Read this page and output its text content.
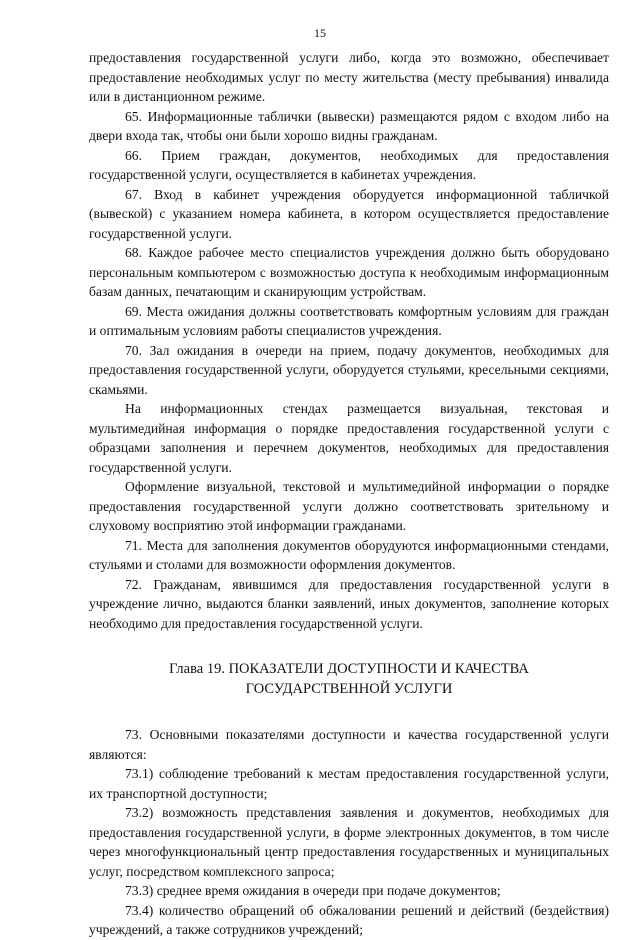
15

предоставления государственной услуги либо, когда это возможно, обеспечивает предоставление необходимых услуг по месту жительства (месту пребывания) инвалида или в дистанционном режиме.

65. Информационные таблички (вывески) размещаются рядом с входом либо на двери входа так, чтобы они были хорошо видны гражданам.

66. Прием граждан, документов, необходимых для предоставления государственной услуги, осуществляется в кабинетах учреждения.

67. Вход в кабинет учреждения оборудуется информационной табличкой (вывеской) с указанием номера кабинета, в котором осуществляется предоставление государственной услуги.

68. Каждое рабочее место специалистов учреждения должно быть оборудовано персональным компьютером с возможностью доступа к необходимым информационным базам данных, печатающим и сканирующим устройствам.

69. Места ожидания должны соответствовать комфортным условиям для граждан и оптимальным условиям работы специалистов учреждения.

70. Зал ожидания в очереди на прием, подачу документов, необходимых для предоставления государственной услуги, оборудуется стульями, кресельными секциями, скамьями.

На информационных стендах размещается визуальная, текстовая и мультимедийная информация о порядке предоставления государственной услуги с образцами заполнения и перечнем документов, необходимых для предоставления государственной услуги.

Оформление визуальной, текстовой и мультимедийной информации о порядке предоставления государственной услуги должно соответствовать зрительному и слуховому восприятию этой информации гражданами.

71. Места для заполнения документов оборудуются информационными стендами, стульями и столами для возможности оформления документов.

72. Гражданам, явившимся для предоставления государственной услуги в учреждение лично, выдаются бланки заявлений, иных документов, заполнение которых необходимо для предоставления государственной услуги.

Глава 19. ПОКАЗАТЕЛИ ДОСТУПНОСТИ И КАЧЕСТВА ГОСУДАРСТВЕННОЙ УСЛУГИ

73. Основными показателями доступности и качества государственной услуги являются:

73.1) соблюдение требований к местам предоставления государственной услуги, их транспортной доступности;

73.2) возможность представления заявления и документов, необходимых для предоставления государственной услуги, в форме электронных документов, в том числе через многофункциональный центр предоставления государственных и муниципальных услуг, посредством комплексного запроса;

73.3) среднее время ожидания в очереди при подаче документов;

73.4) количество обращений об обжаловании решений и действий (бездействия) учреждений, а также сотрудников учреждений;
